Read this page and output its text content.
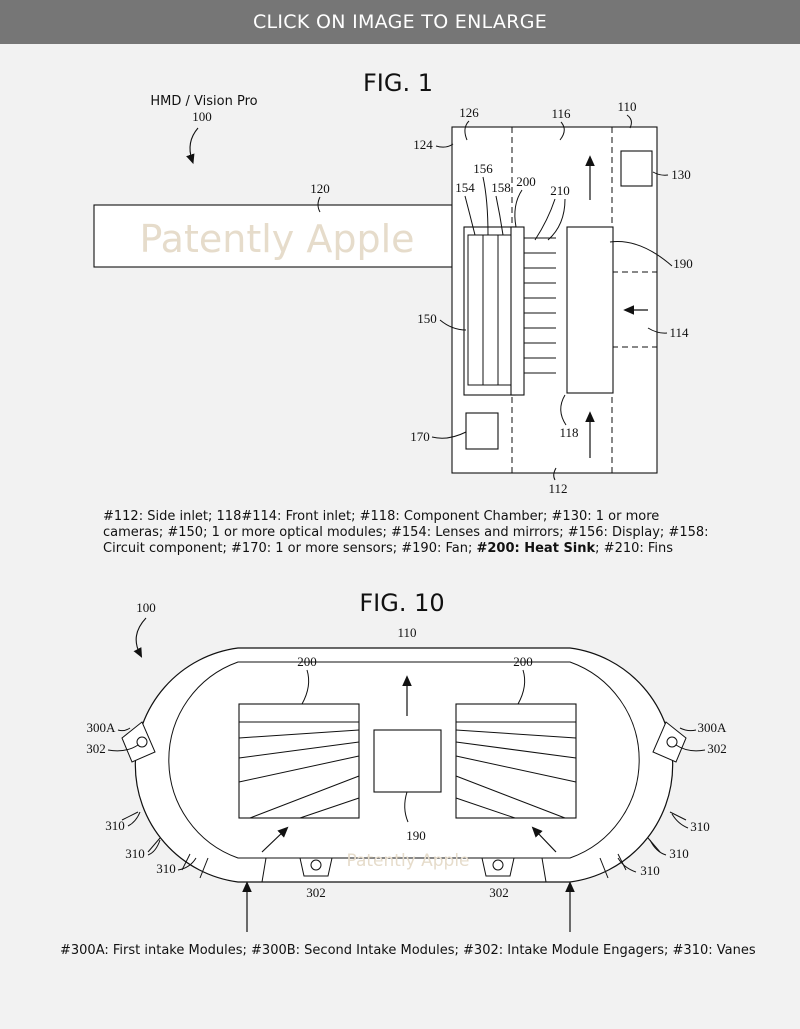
CLICK ON IMAGE TO ENLARGE
FIG. 1
HMD / Vision Pro
100
Patently Apple
120
130
190
170
126
124
116	110
156
154 158 200
210
150
114
118
112
#112: Side inlet; 118#114: Front inlet; #118: Component Chamber; #130: 1 or more cameras; #150; 1 or more optical modules; #154: Lenses and mirrors; #156: Display; #158: Circuit component; #170: 1 or more sensors; #190: Fan; #200: Heat Sink; #210: Fins
FIG. 10
100
110
190
Patently Apple
200	200
300A
302
300A
302
310
310
310
310
310
310
302	302
#300A: First intake Modules; #300B: Second Intake Modules; #302: Intake Module Engagers; #310: Vanes
